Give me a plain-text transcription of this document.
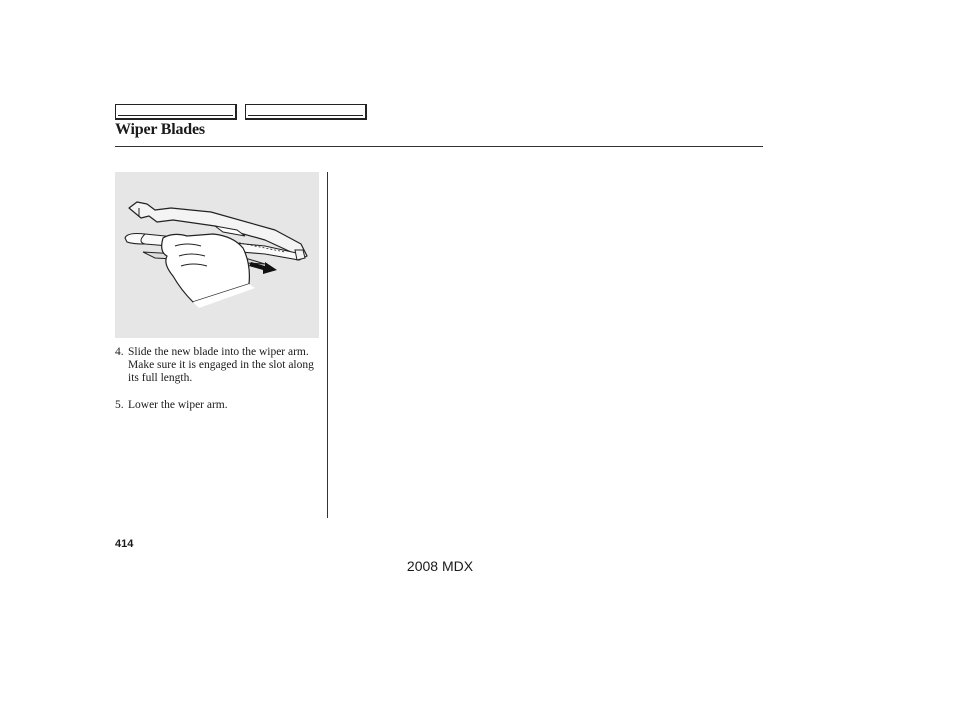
Wiper Blades
4. Slide the new blade into the wiper arm. Make sure it is engaged in the slot along its full length.
5. Lower the wiper arm.
414
2008 MDX
